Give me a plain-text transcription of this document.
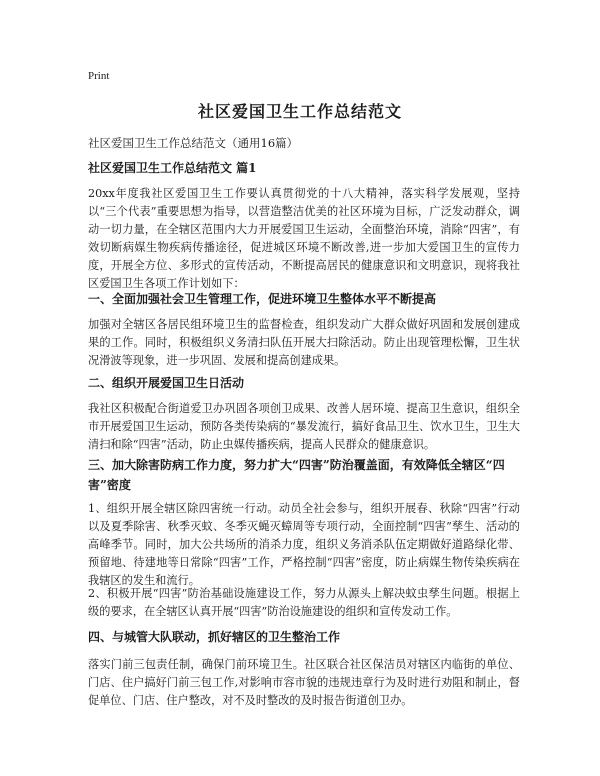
Print
社区爱国卫生工作总结范文
社区爱国卫生工作总结范文（通用16篇）
社区爱国卫生工作总结范文 篇1
20xx年度我社区爱国卫生工作要认真贯彻党的十八大精神，落实科学发展观，坚持以“三个代表”重要思想为指导，以营造整洁优美的社区环境为目标，广泛发动群众，调动一切力量，在全辖区范围内大力开展爱国卫生运动，全面整治环境，消除“四害”，有效切断病媒生物疾病传播途径，促进城区环境不断改善,进一步加大爱国卫生的宣传力度，开展全方位、多形式的宣传活动，不断提高居民的健康意识和文明意识，现将我社区爱国卫生各项工作计划如下：
一、全面加强社会卫生管理工作，促进环境卫生整体水平不断提高
加强对全辖区各居民组环境卫生的监督检查，组织发动广大群众做好巩固和发展创建成果的工作。同时，积极组织义务清扫队伍开展大扫除活动。防止出现管理松懈，卫生状况滑波等现象，进一步巩固、发展和提高创建成果。
二、组织开展爱国卫生日活动
我社区积极配合街道爱卫办巩固各项创卫成果、改善人居环境、提高卫生意识，组织全市开展爱国卫生运动，预防各类传染病的“暴发流行，搞好食品卫生、饮水卫生，卫生大清扫和除“四害”活动，防止虫媒传播疾病，提高人民群众的健康意识。
三、加大除害防病工作力度，努力扩大“四害”防治覆盖面，有效降低全辖区“四害”密度
1、组织开展全辖区除四害统一行动。动员全社会参与，组织开展春、秋除“四害”行动以及夏季除害、秋季灭蚊、冬季灭蝇灭蟑周等专项行动，全面控制“四害”孳生、活动的高峰季节。同时，加大公共场所的消杀力度，组织义务消杀队伍定期做好道路绿化带、预留地、待建地等日常除“四害”工作，严格控制“四害”密度，防止病媒生物传染疾病在我辖区的发生和流行。
2、积极开展“四害”防治基础设施建设工作，努力从源头上解决蚊虫孳生问题。根据上级的要求，在全辖区认真开展“四害”防治设施建设的组织和宣传发动工作。
四、与城管大队联动，抓好辖区的卫生整治工作
落实门前三包责任制，确保门前环境卫生。社区联合社区保洁员对辖区内临街的单位、门店、住户搞好门前三包工作,对影响市容市貌的违规违章行为及时进行劝阻和制止，督促单位、门店、住户整改，对不及时整改的及时报告街道创卫办。
